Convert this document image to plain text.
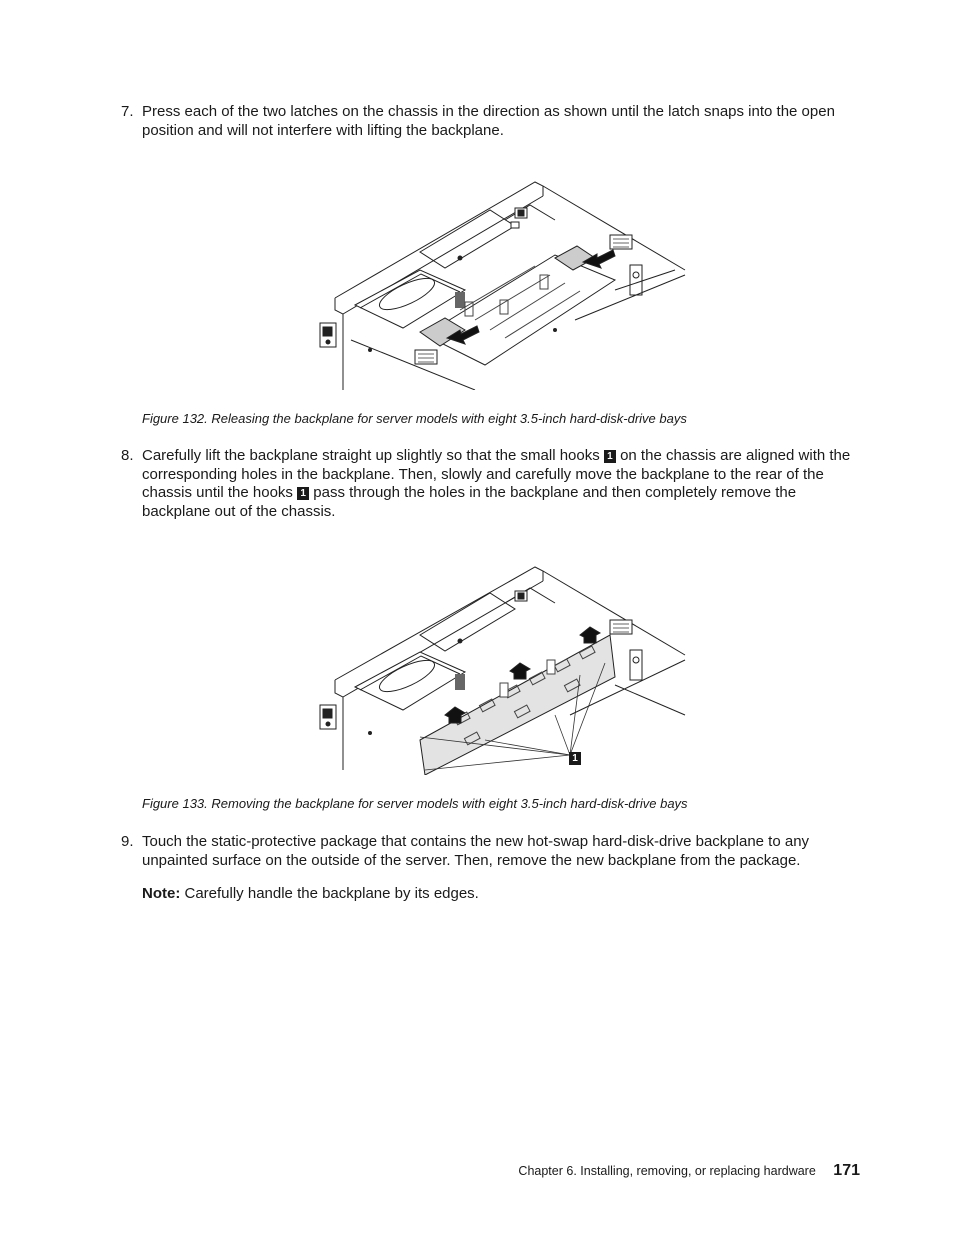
7. Press each of the two latches on the chassis in the direction as shown until the latch snaps into the open position and will not interfere with lifting the backplane.
Figure 132. Releasing the backplane for server models with eight 3.5-inch hard-disk-drive bays
8. Carefully lift the backplane straight up slightly so that the small hooks 1 on the chassis are aligned with the corresponding holes in the backplane. Then, slowly and carefully move the backplane to the rear of the chassis until the hooks 1 pass through the holes in the backplane and then completely remove the backplane out of the chassis.
1
Figure 133. Removing the backplane for server models with eight 3.5-inch hard-disk-drive bays
9. Touch the static-protective package that contains the new hot-swap hard-disk-drive backplane to any unpainted surface on the outside of the server. Then, remove the new backplane from the package.
Note: Carefully handle the backplane by its edges.
Chapter 6. Installing, removing, or replacing hardware 171
